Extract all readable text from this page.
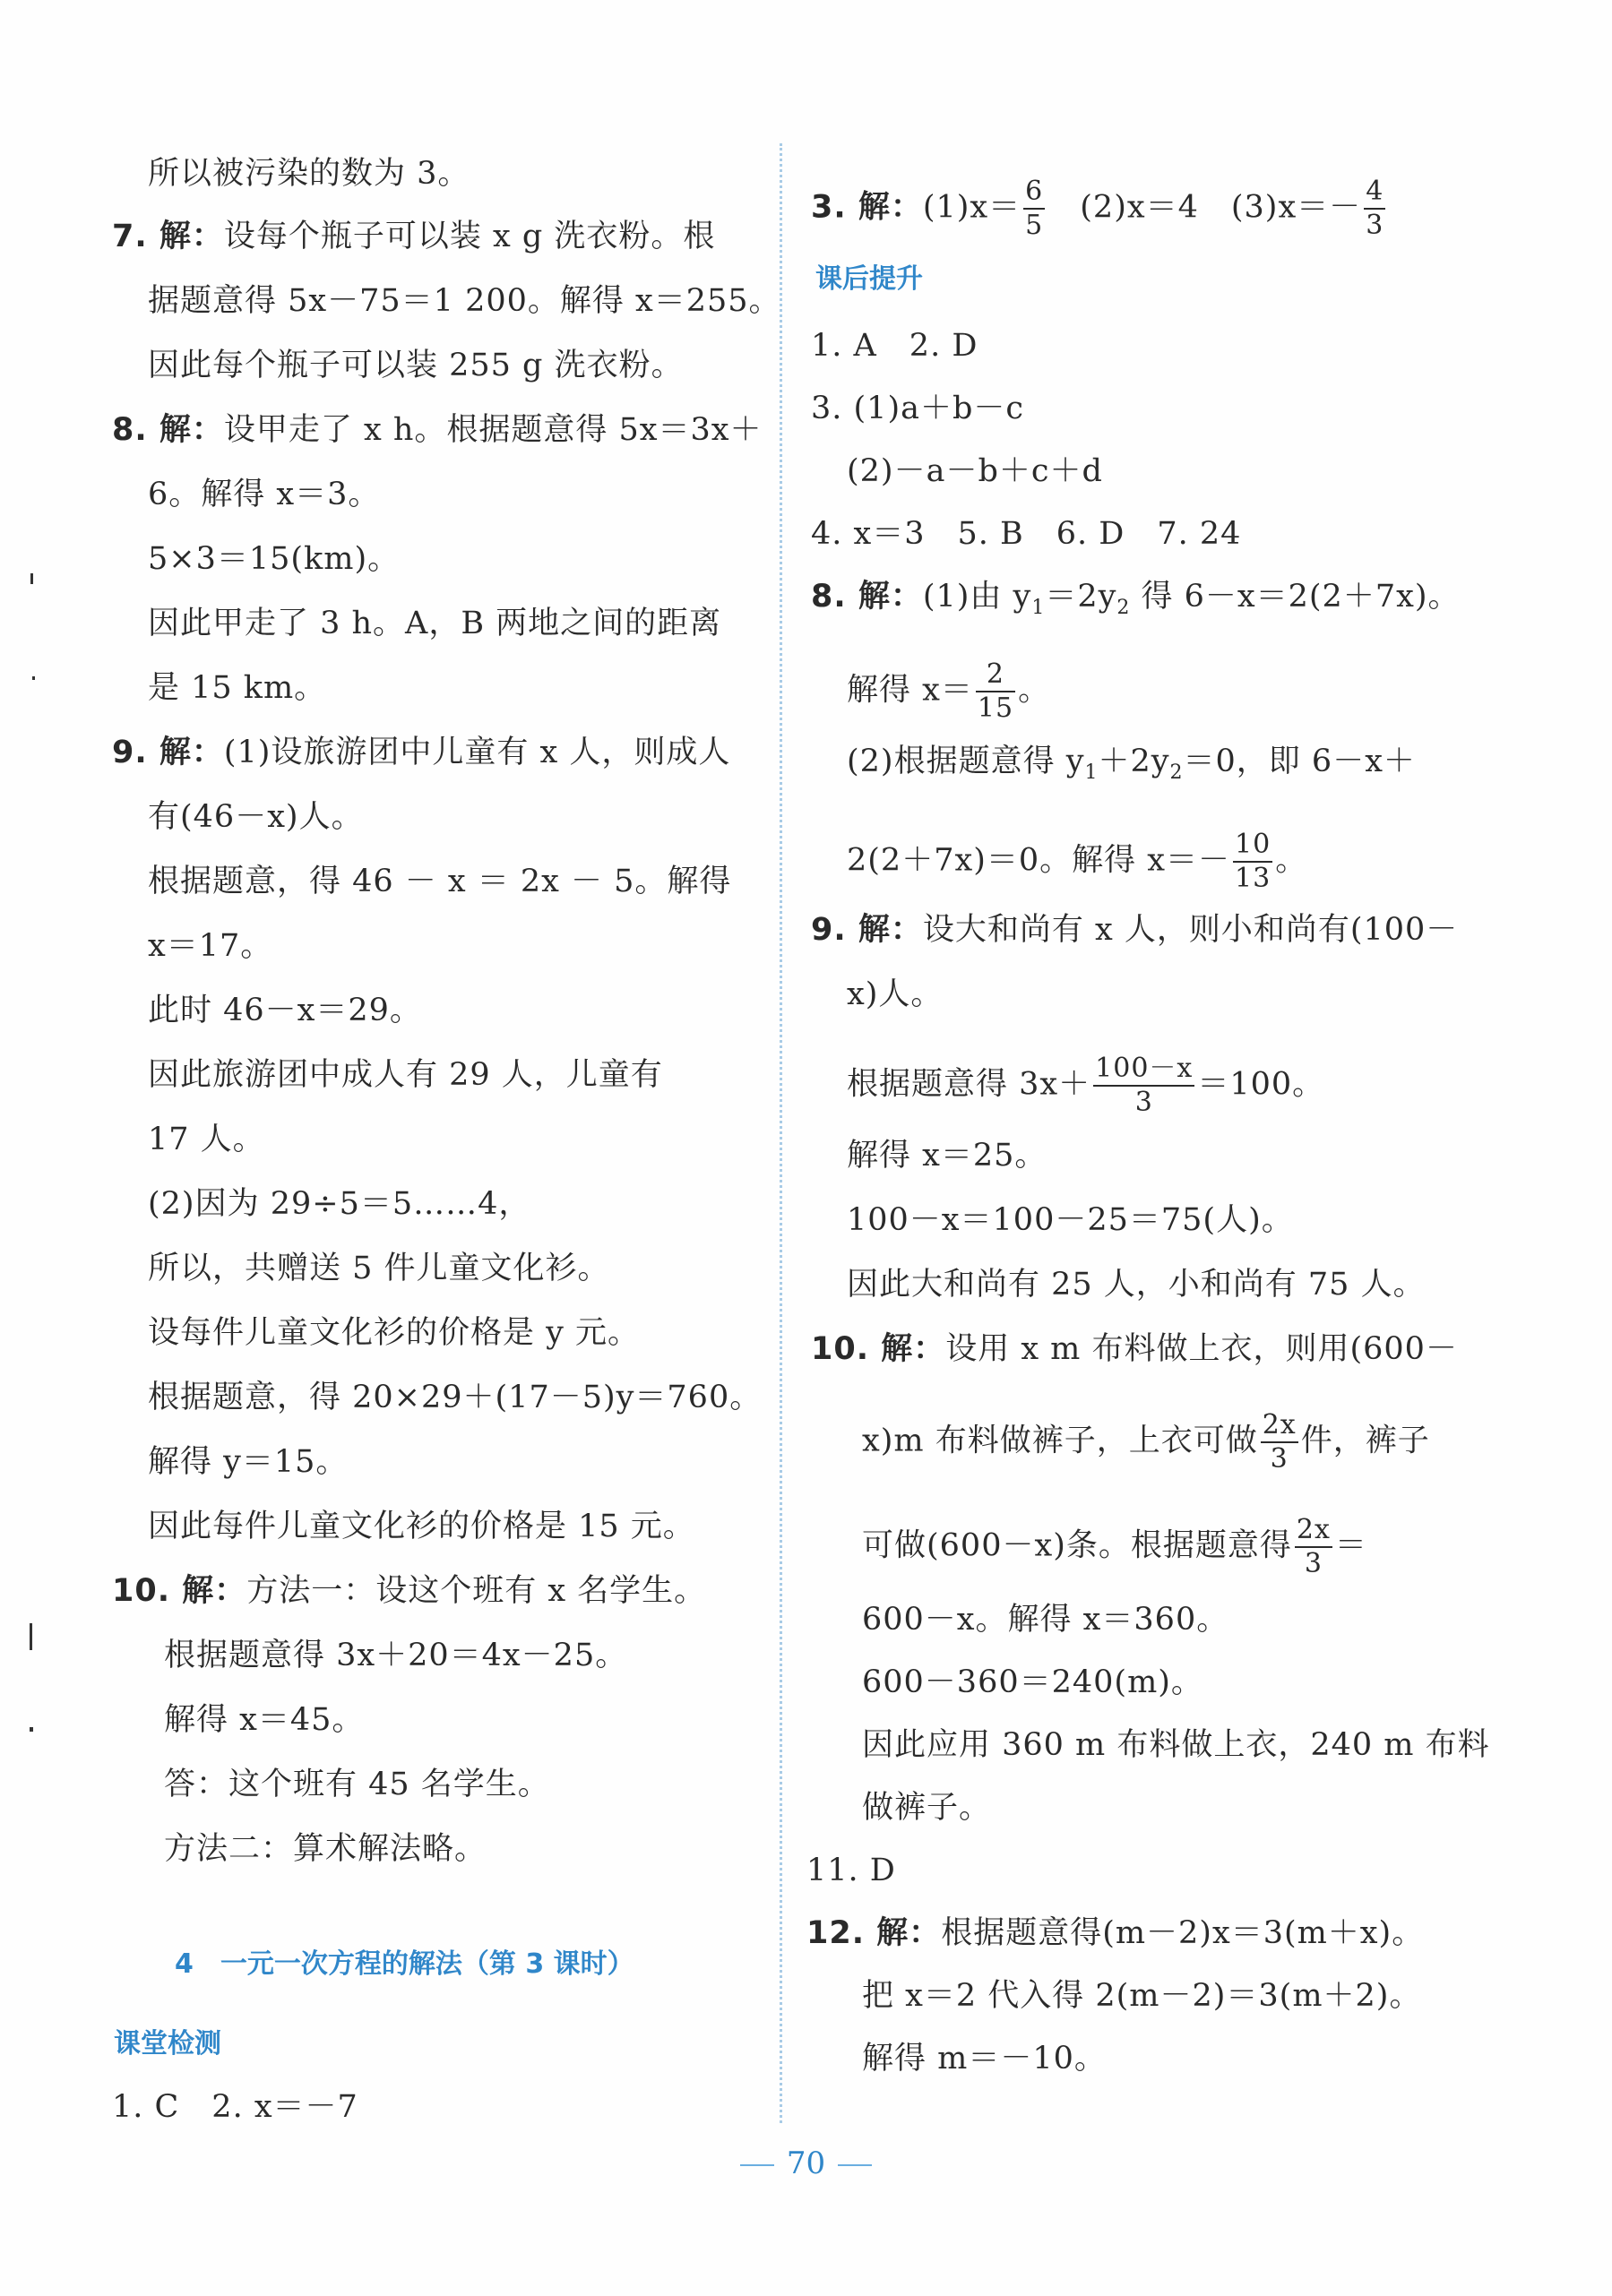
所以被污染的数为 3。
7. 解：设每个瓶子可以装 x g 洗衣粉。根
据题意得 5x－75＝1 200。解得 x＝255。
因此每个瓶子可以装 255 g 洗衣粉。
8. 解：设甲走了 x h。根据题意得 5x＝3x＋
6。解得 x＝3。
5×3＝15(km)。
因此甲走了 3 h。A，B 两地之间的距离
是 15 km。
9. 解：(1)设旅游团中儿童有 x 人，则成人
有(46－x)人。
根据题意，得 46 － x ＝ 2x － 5。解得
x＝17。
此时 46－x＝29。
因此旅游团中成人有 29 人，儿童有
17 人。
(2)因为 29÷5＝5……4，
所以，共赠送 5 件儿童文化衫。
设每件儿童文化衫的价格是 y 元。
根据题意，得 20×29＋(17－5)y＝760。
解得 y＝15。
因此每件儿童文化衫的价格是 15 元。
10. 解：方法一：设这个班有 x 名学生。
根据题意得 3x＋20＝4x－25。
解得 x＝45。
答：这个班有 45 名学生。
方法二：算术解法略。
4　一元一次方程的解法（第 3 课时）
课堂检测
1. C　2. x＝－7
3. 解：$(1)x= \frac{6}{5}$
　 (2)x＝4　$(3)x=- \frac{4}{3}$
课后提升
1. A　2. D
3. (1)a＋b－c
(2)－a－b＋c＋d
4. x＝3　5. B　6. D　7. 24
8. 解：(1)由 $y_1=2y_2$ 得 6－x＝2(2＋7x)。
解得 $x= \frac{2}{15}$ 。
(2)根据题意得 $y_1+2y_2=0$，即 6－x＋
2(2＋7x)＝0。解得 $x=- \frac{10}{13}$ 。
9. 解：设大和尚有 x 人，则小和尚有(100－
x)人。
根据题意得 $3x+ \frac{100-x}{3} =100$。
解得 x＝25。
100－x＝100－25＝75(人)。
因此大和尚有 25 人，小和尚有 75 人。
10. 解：设用 x m 布料做上衣，则用(600－
x)m 布料做裤子，上衣可做 $\frac{2x}{3}$ 件，裤子
可做(600－x)条。根据题意得 $\frac{2x}{3}$ ＝
600－x。解得 x＝360。
600－360＝240(m)。
因此应用 360 m 布料做上衣，240 m 布料
做裤子。
11. D
12. 解：根据题意得(m－2)x＝3(m＋x)。
把 x＝2 代入得 2(m－2)＝3(m＋2)。
解得 m＝－10。
70
